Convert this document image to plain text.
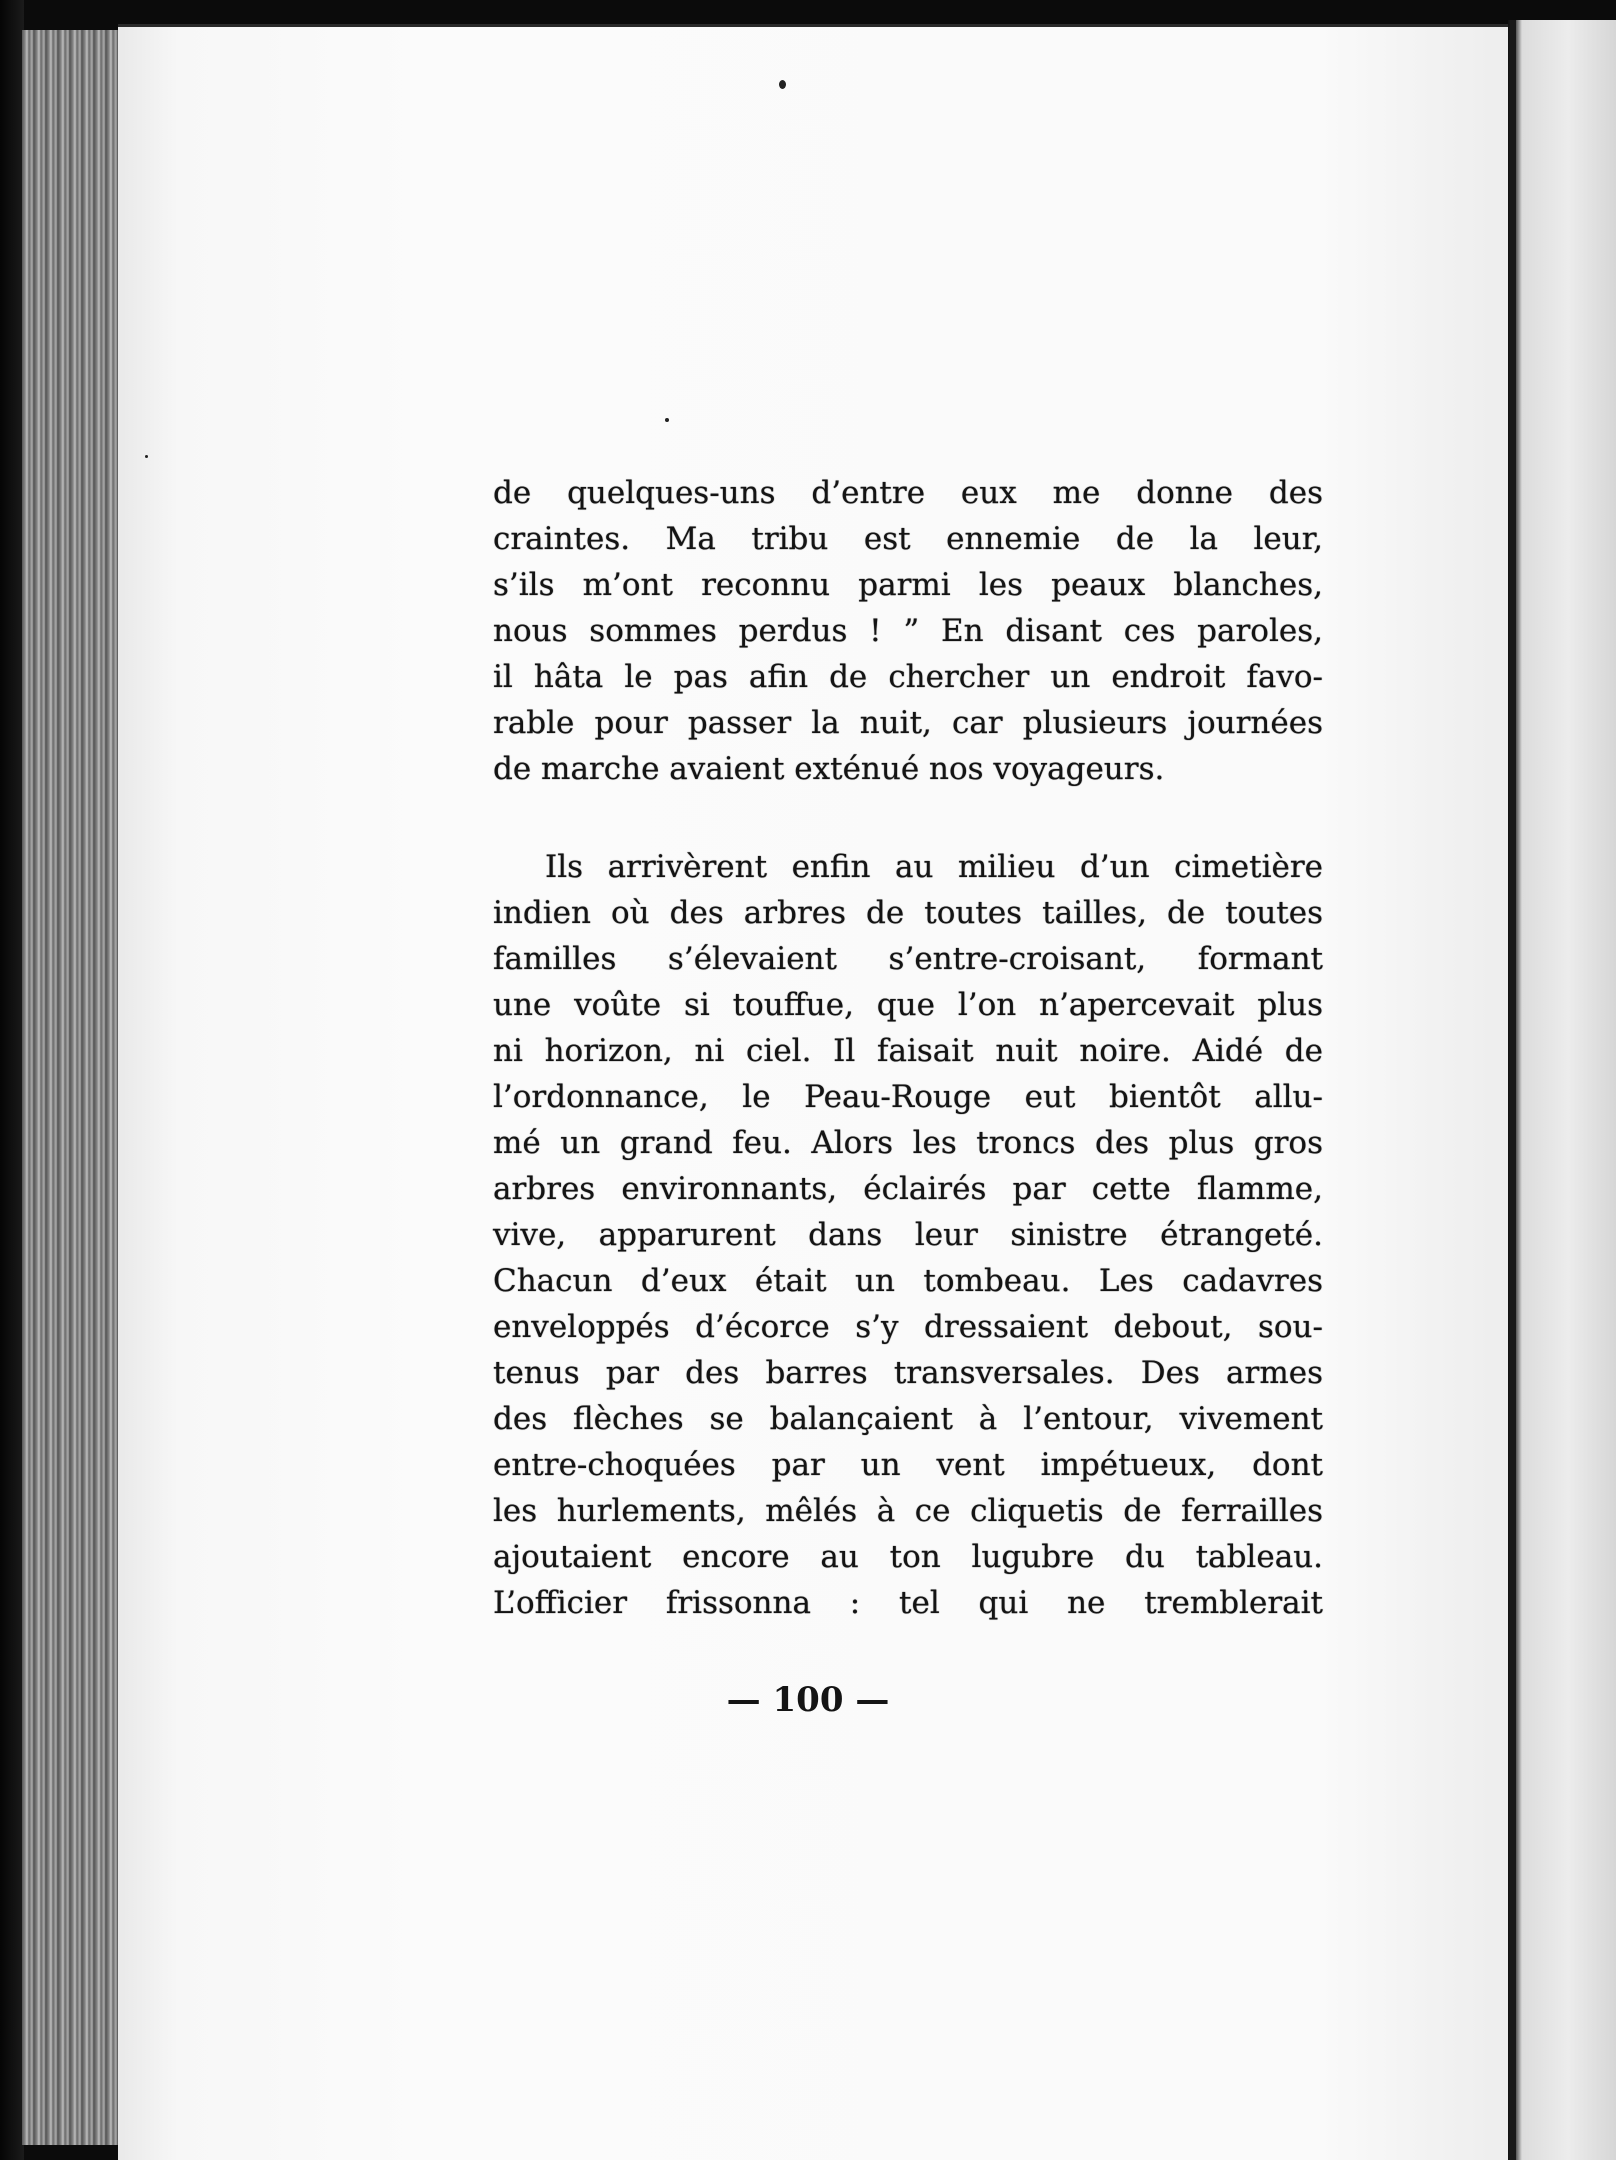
de quelques-uns d’entre eux me donne des
craintes. Ma tribu est ennemie de la leur,
s’ils m’ont reconnu parmi les peaux blanches,
nous sommes perdus ! ” En disant ces paroles,
il hâta le pas afin de chercher un endroit favo-
rable pour passer la nuit, car plusieurs journées
de marche avaient exténué nos voyageurs.
Ils arrivèrent enfin au milieu d’un cimetière
indien où des arbres de toutes tailles, de toutes
familles s’élevaient s’entre-croisant, formant
une voûte si touffue, que l’on n’apercevait plus
ni horizon, ni ciel. Il faisait nuit noire. Aidé de
l’ordonnance, le Peau-Rouge eut bientôt allu-
mé un grand feu. Alors les troncs des plus gros
arbres environnants, éclairés par cette flamme,
vive, apparurent dans leur sinistre étrangeté.
Chacun d’eux était un tombeau. Les cadavres
enveloppés d’écorce s’y dressaient debout, sou-
tenus par des barres transversales. Des armes
des flèches se balançaient à l’entour, vivement
entre-choquées par un vent impétueux, dont
les hurlements, mêlés à ce cliquetis de ferrailles
ajoutaient encore au ton lugubre du tableau.
L’officier frissonna : tel qui ne tremblerait
— 100 —
